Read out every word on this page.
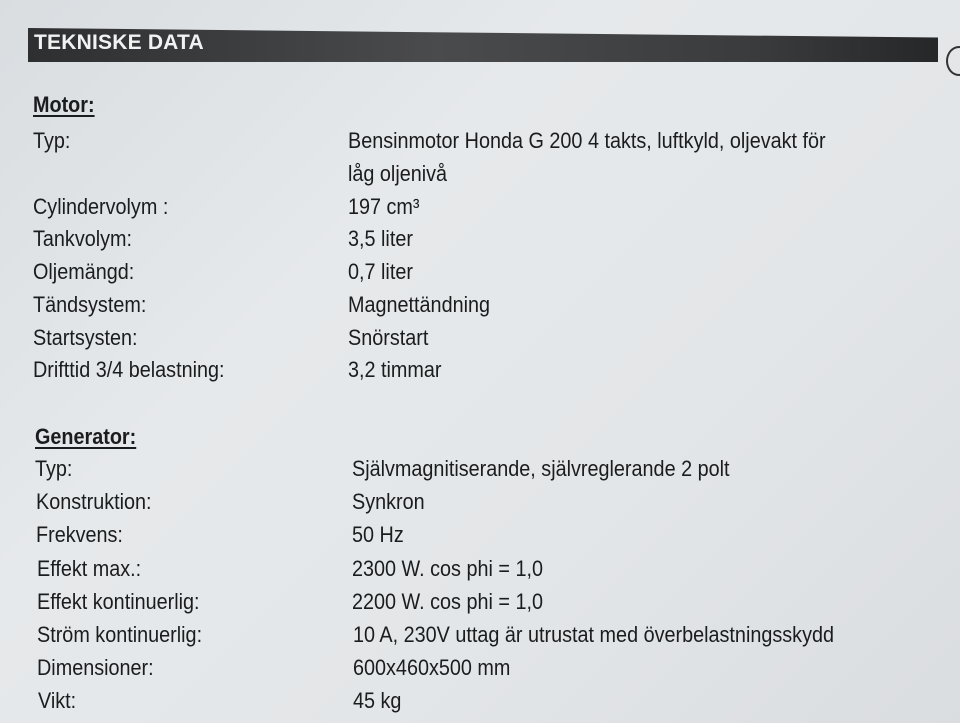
TEKNISKE DATA
Motor:
Typ:	Bensinmotor Honda G 200 4 takts, luftkyld, oljevakt för låg oljenivå
Cylindervolym :	197 cm³
Tankvolym:	3,5 liter
Oljemängd:	0,7 liter
Tändsystem:	Magnettändning
Startsysten:	Snörstart
Drifttid 3/4 belastning:	3,2 timmar
Generator:
Typ:	Självmagnitiserande, självreglerande 2 polt
Konstruktion:	Synkron
Frekvens:	50 Hz
Effekt max.:	2300 W. cos phi = 1,0
Effekt kontinuerlig:	2200 W. cos phi = 1,0
Ström kontinuerlig:	10 A, 230V uttag är utrustat med överbelastningsskydd
Dimensioner:	600x460x500 mm
Vikt:	45 kg
